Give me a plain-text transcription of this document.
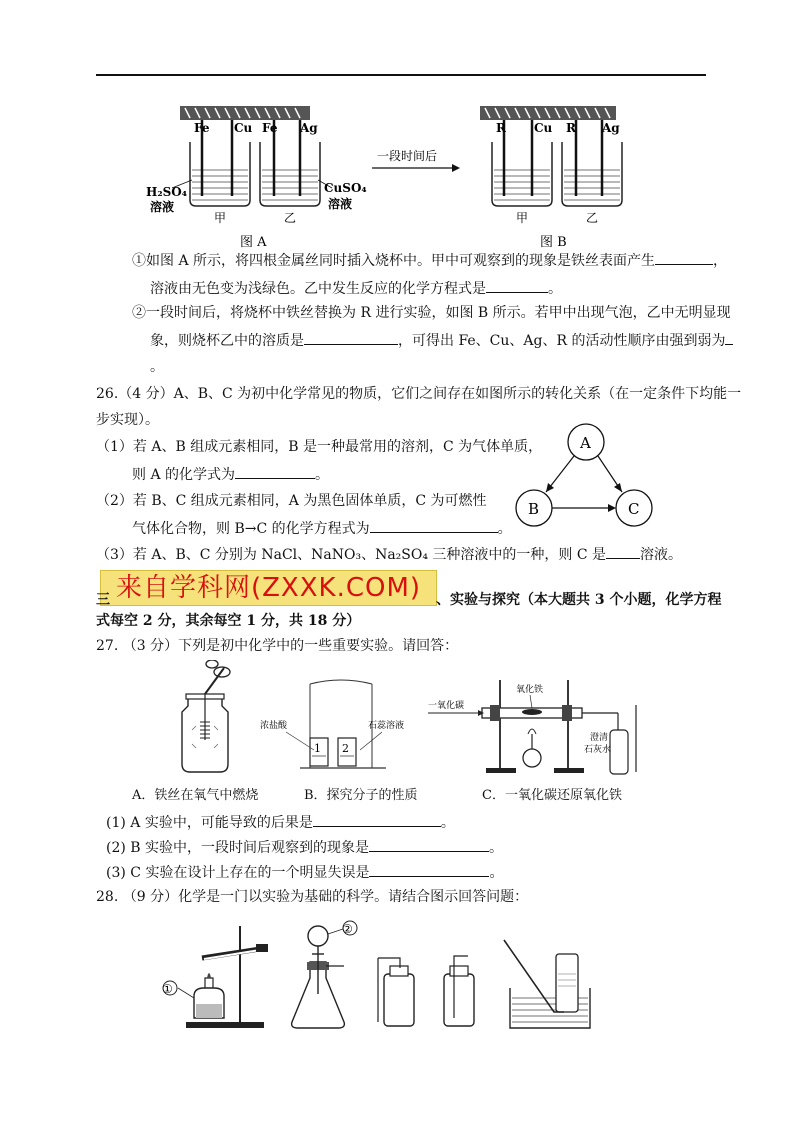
Fe Cu Fe Ag
H₂SO₄
溶液
CuSO₄
溶液
甲	乙
图 A
一段时间后
R Cu R Ag
甲	乙
图 B
①如图 A 所示，将四根金属丝同时插入烧杯中。甲中可观察到的现象是铁丝表面产生	，
溶液由无色变为浅绿色。乙中发生反应的化学方程式是	。
②一段时间后，将烧杯中铁丝替换为 R 进行实验，如图 B 所示。若甲中出现气泡，乙中无明显现
象，则烧杯乙中的溶质是	，可得出 Fe、Cu、Ag、R 的活动性顺序由强到弱为
。
26.（4 分）A、B、C 为初中化学常见的物质，它们之间存在如图所示的转化关系（在一定条件下均能一
步实现）。
（1）若 A、B 组成元素相同，B 是一种最常用的溶剂，C 为气体单质，
则 A 的化学式为	。
（2）若 B、C 组成元素相同，A 为黑色固体单质，C 为可燃性
气体化合物，则 B→C 的化学方程式为	。
（3）若 A、B、C 分别为 NaCl、NaNO₃、Na₂SO₄ 三种溶液中的一种，则 C 是 溶液。
A
B	C
来自学科网(ZXXK.COM)
三	、实验与探究（本大题共 3 个小题，化学方程
式每空 2 分，其余每空 1 分，共 18 分）
27. （3 分）下列是初中化学中的一些重要实验。请回答：
1 2
浓盐酸	石蕊溶液
一氧化碳
氧化铁
澄清
石灰水
A．铁丝在氧气中燃烧	B．探究分子的性质	C．一氧化碳还原氧化铁
(1) A 实验中，可能导致的后果是	。
(2) B 实验中，一段时间后观察到的现象是	。
(3) C 实验在设计上存在的一个明显失误是	。
28. （9 分）化学是一门以实验为基础的科学。请结合图示回答问题：
①
②
